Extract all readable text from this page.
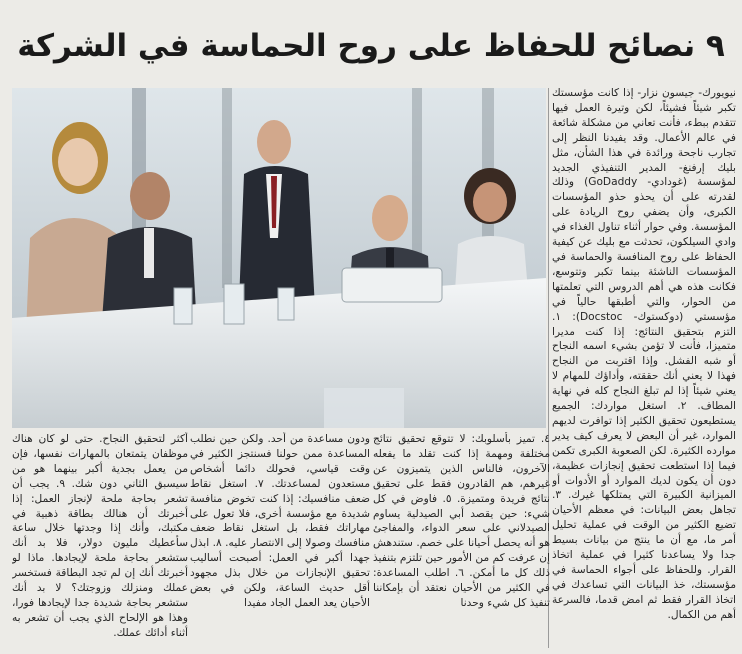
٩ نصائح للحفاظ على روح الحماسة في الشركة

نيويورك- جيسون نزار- إذا كانت مؤسستك تكبر شيئاً فشيئاً، لكن وتيرة العمل فيها تتقدم ببطء، فأنت تعاني من مشكلة شائعة في عالم الأعمال. وقد يفيدنا النظر إلى تجارب ناجحة ورائدة في هذا الشأن، مثل بليك إرفنغ- المدير التنفيذي الجديد لمؤسسة (غودادي- GoDaddy) وذلك لقدرته على أن يحذو حذو المؤسسات الكبرى، وأن يضفي روح الريادة على المؤسسة. وفي حوار أثناء تناول الغذاء في وادي السيلكون، تحدثت مع بليك عن كيفية الحفاظ على روح المنافسة والحماسة في المؤسسات الناشئة بينما تكبر وتتوسع، فكانت هذه هي أهم الدروس التي تعلمتها من الحوار، والتي أطبقها حالياً في مؤسستي (دوكستوك- Docstoc): ١. التزم بتحقيق النتائج: إذا كنت مديرا متميزا، فأنت لا تؤمن بشيء اسمه النجاح أو شبه الفشل. وإذا اقتربت من النجاح فهذا لا يعني أنك حققته، وأداؤك للمهام لا يعني شيئاً إذا لم تبلغ النجاح كله في نهاية المطاف. ٢. استغل مواردك: الجميع يستطيعون تحقيق الكثير إذا توافرت لديهم الموارد، غير أن البعض لا يعرف كيف يدير موارده الكثيرة. لكن الصعوبة الكبرى تكمن فيما إذا استطعت تحقيق إنجازات عظيمة، دون أن يكون لديك الموارد أو الأدوات أو الميزانية الكبيرة التي يمتلكها غيرك. ٣. تجاهل بعض البيانات: في معظم الأحيان تضيع الكثير من الوقت في عملية تحليل أمر ما، مع أن ما ينتج من بيانات بسيط جدا ولا يساعدنا كثيرا في عملية اتخاذ القرار. وللحفاظ على أجواء الحماسة في مؤسستك، خذ البيانات التي تساعدك في اتخاذ القرار فقط ثم امض قدما، فالسرعة أهم من الكمال.

٤. تميز بأسلوبك: لا تتوقع تحقيق نتائج مختلفة ومهمة إذا كنت تقلد ما يفعله الآخرون، فالناس الذين يتميزون عن غيرهم، هم القادرون فقط على تحقيق نتائج فريدة ومتميزة. ٥. فاوض في كل شيء: حين يقصد أبي الصيدلية يساوم الصيدلاني على سعر الدواء، والمفاجئ هو أنه يحصل أحيانا على خصم. ستندهش إن عرفت كم من الأمور حين تلتزم بتنفيذ ذلك كل ما أمكن. ٦. اطلب المساعدة: في الكثير من الأحيان نعتقد أن بإمكاننا تنفيذ كل شيء وحدنا

ودون مساعدة من أحد. ولكن حين نطلب المساعدة ممن حولنا فسنتجز الكثير في وقت قياسي، فحولك دائما أشخاص مستعدون لمساعدتك. ٧. استغل نقاط ضعف منافسيك: إذا كنت تخوض منافسة شديدة مع مؤسسة أخرى، فلا تعول على مهاراتك فقط، بل استغل نقاط ضعف منافسك وصولا إلى الانتصار عليه. ٨. ابذل جهدا أكبر في العمل: أصبحت أساليب تحقيق الإنجازات من خلال بذل مجهود أقل حديث الساعة، ولكن في بعض الأحيان يعد العمل الجاد مفيدا

أكثر لتحقيق النجاح. حتى لو كان هناك موظفان يتمتعان بالمهارات نفسها، فإن من يعمل بجدية أكبر بينهما هو من سيسبق الثاني دون شك. ٩. يجب أن تشعر بحاجة ملحة لإنجاز العمل: إذا أخبرتك أن هنالك بطاقة ذهبية في مكتبك، وأنك إذا وجدتها خلال ساعة سأعطيك مليون دولار، فلا بد أنك ستشعر بحاجة ملحة لإيجادها. ماذا لو أخبرتك أنك إن لم تجد البطاقة فستخسر عملك ومنزلك وزوجتك؟ لا بد أنك ستشعر بحاجة شديدة جدا لإيجادها فورا، وهذا هو الإلحاح الذي يجب أن تشعر به أثناء أدائك عملك.
